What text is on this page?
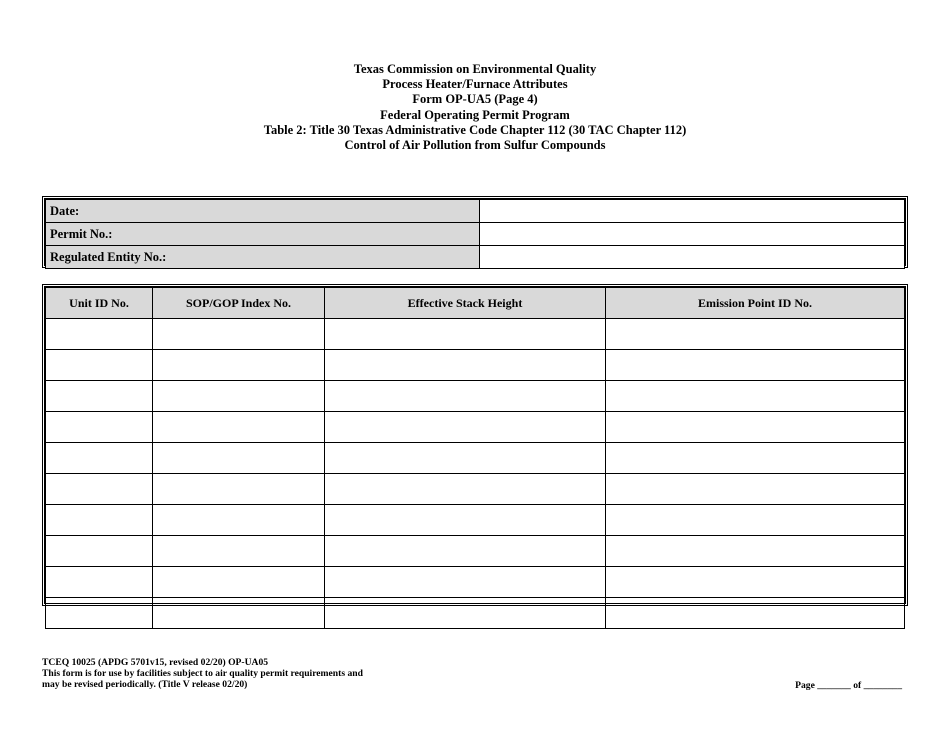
Texas Commission on Environmental Quality
Process Heater/Furnace Attributes
Form OP-UA5 (Page 4)
Federal Operating Permit Program
Table 2: Title 30 Texas Administrative Code Chapter 112 (30 TAC Chapter 112)
Control of Air Pollution from Sulfur Compounds
Date:	
Permit No.:	
Regulated Entity No.:	
Unit ID No.	SOP/GOP Index No.	Effective Stack Height	Emission Point ID No.

TCEQ 10025 (APDG 5701v15, revised 02/20) OP-UA05
This form is for use by facilities subject to air quality permit requirements and
may be revised periodically. (Title V release 02/20)	Page _______ of ________
